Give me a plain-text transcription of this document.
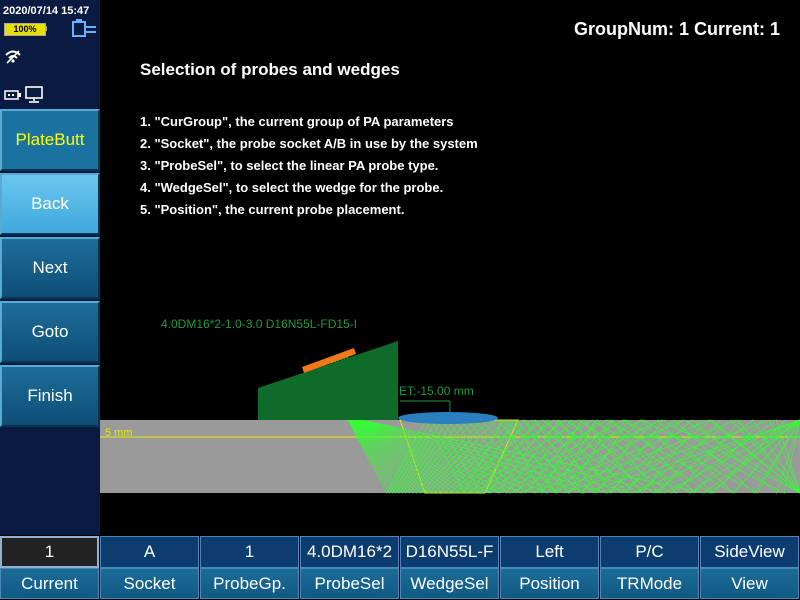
2020/07/14 15:47
100%
PlateButt
Back
Next
Goto
Finish
GroupNum: 1 Current: 1
Selection of probes and wedges
1. "CurGroup", the current group of PA parameters
2. "Socket", the probe socket A/B in use by the system
3. "ProbeSel", to select the linear PA probe type.
4. "WedgeSel", to select the wedge for the probe.
5. "Position", the current probe placement.
4.0DM16*2-1.0-3.0 D16N55L-FD15-I
5 mm
ET:-15.00 mm
1
Current
A
Socket
1
ProbeGp.
4.0DM16*2
ProbeSel
D16N55L-F
WedgeSel
Left
Position
P/C
TRMode
SideView
View
